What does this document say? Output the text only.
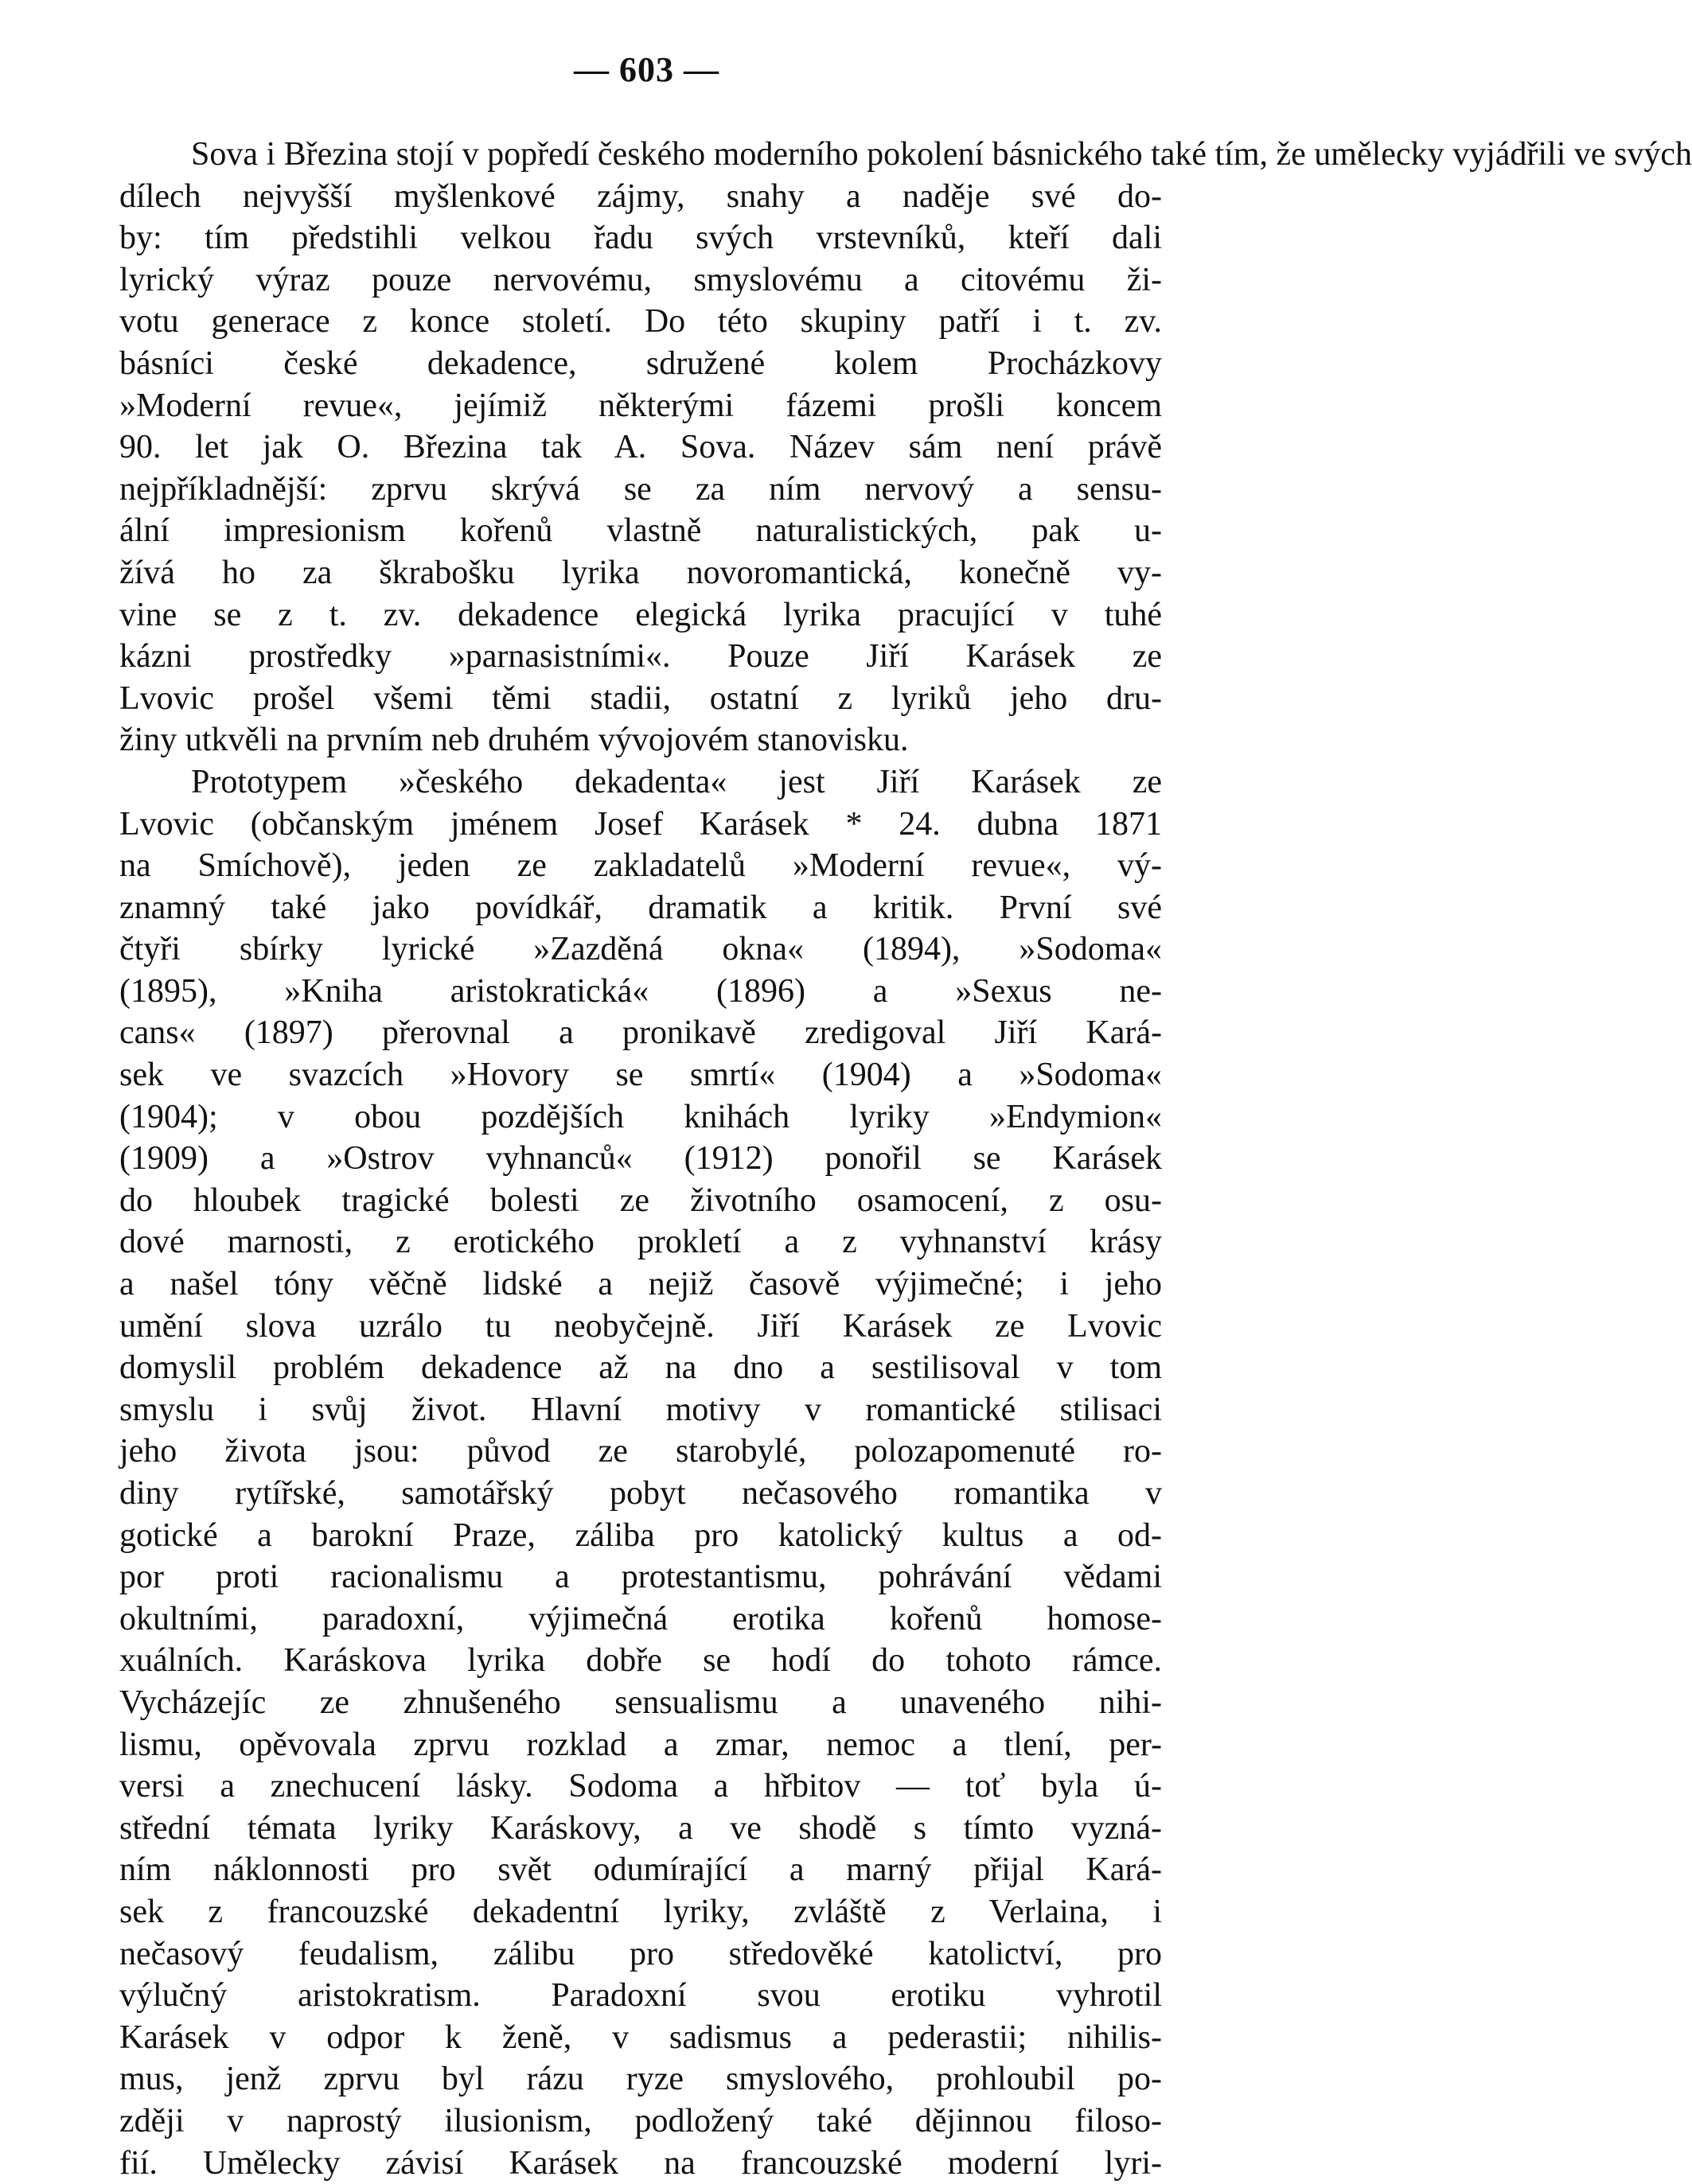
— 603 —
Sova i Březina stojí v popředí českého moderního pokolení básnického také tím, že umělecky vyjádřili ve svých
dílech nejvyšší myšlenkové zájmy, snahy a naděje své do-
by: tím předstihli velkou řadu svých vrstevníků, kteří dali
lyrický výraz pouze nervovému, smyslovému a citovému ži-
votu generace z konce století. Do této skupiny patří i t. zv.
básníci české dekadence, sdružené kolem Procházkovy
»Moderní revue«, jejímiž některými fázemi prošli koncem
90. let jak O. Březina tak A. Sova. Název sám není právě
nejpříkladnější: zprvu skrývá se za ním nervový a sensu-
ální impresionism kořenů vlastně naturalistických, pak u-
žívá ho za škrabošku lyrika novoromantická, konečně vy-
vine se z t. zv. dekadence elegická lyrika pracující v tuhé
kázni prostředky »parnasistními«. Pouze Jiří Karásek ze
Lvovic prošel všemi těmi stadii, ostatní z lyriků jeho dru-
žiny utkvěli na prvním neb druhém vývojovém stanovisku.
Prototypem »českého dekadenta« jest Jiří Karásek ze
Lvovic (občanským jménem Josef Karásek * 24. dubna 1871
na Smíchově), jeden ze zakladatelů »Moderní revue«, vý-
znamný také jako povídkář, dramatik a kritik. První své
čtyři sbírky lyrické »Zazděná okna« (1894), »Sodoma«
(1895), »Kniha aristokratická« (1896) a »Sexus ne-
cans« (1897) přerovnal a pronikavě zredigoval Jiří Kará-
sek ve svazcích »Hovory se smrtí« (1904) a »Sodoma«
(1904); v obou pozdějších knihách lyriky »Endymion«
(1909) a »Ostrov vyhnanců« (1912) ponořil se Karásek
do hloubek tragické bolesti ze životního osamocení, z osu-
dové marnosti, z erotického prokletí a z vyhnanství krásy
a našel tóny věčně lidské a nejiž časově výjimečné; i jeho
umění slova uzrálo tu neobyčejně. Jiří Karásek ze Lvovic
domyslil problém dekadence až na dno a sestilisoval v tom
smyslu i svůj život. Hlavní motivy v romantické stilisaci
jeho života jsou: původ ze starobylé, polozapomenuté ro-
diny rytířské, samotářský pobyt nečasového romantika v
gotické a barokní Praze, záliba pro katolický kultus a od-
por proti racionalismu a protestantismu, pohrávání vědami
okultními, paradoxní, výjimečná erotika kořenů homose-
xuálních. Karáskova lyrika dobře se hodí do tohoto rámce.
Vycházejíc ze zhnušeného sensualismu a unaveného nihi-
lismu, opěvovala zprvu rozklad a zmar, nemoc a tlení, per-
versi a znechucení lásky. Sodoma a hřbitov — toť byla ú-
střední témata lyriky Karáskovy, a ve shodě s tímto vyzná-
ním náklonnosti pro svět odumírající a marný přijal Kará-
sek z francouzské dekadentní lyriky, zvláště z Verlaina, i
nečasový feudalism, zálibu pro středověké katolictví, pro
výlučný aristokratism. Paradoxní svou erotiku vyhrotil
Karásek v odpor k ženě, v sadismus a pederastii; nihilis-
mus, jenž zprvu byl rázu ryze smyslového, prohloubil po-
zději v naprostý ilusionism, podložený také dějinnou filoso-
fií. Umělecky závisí Karásek na francouzské moderní lyri-
